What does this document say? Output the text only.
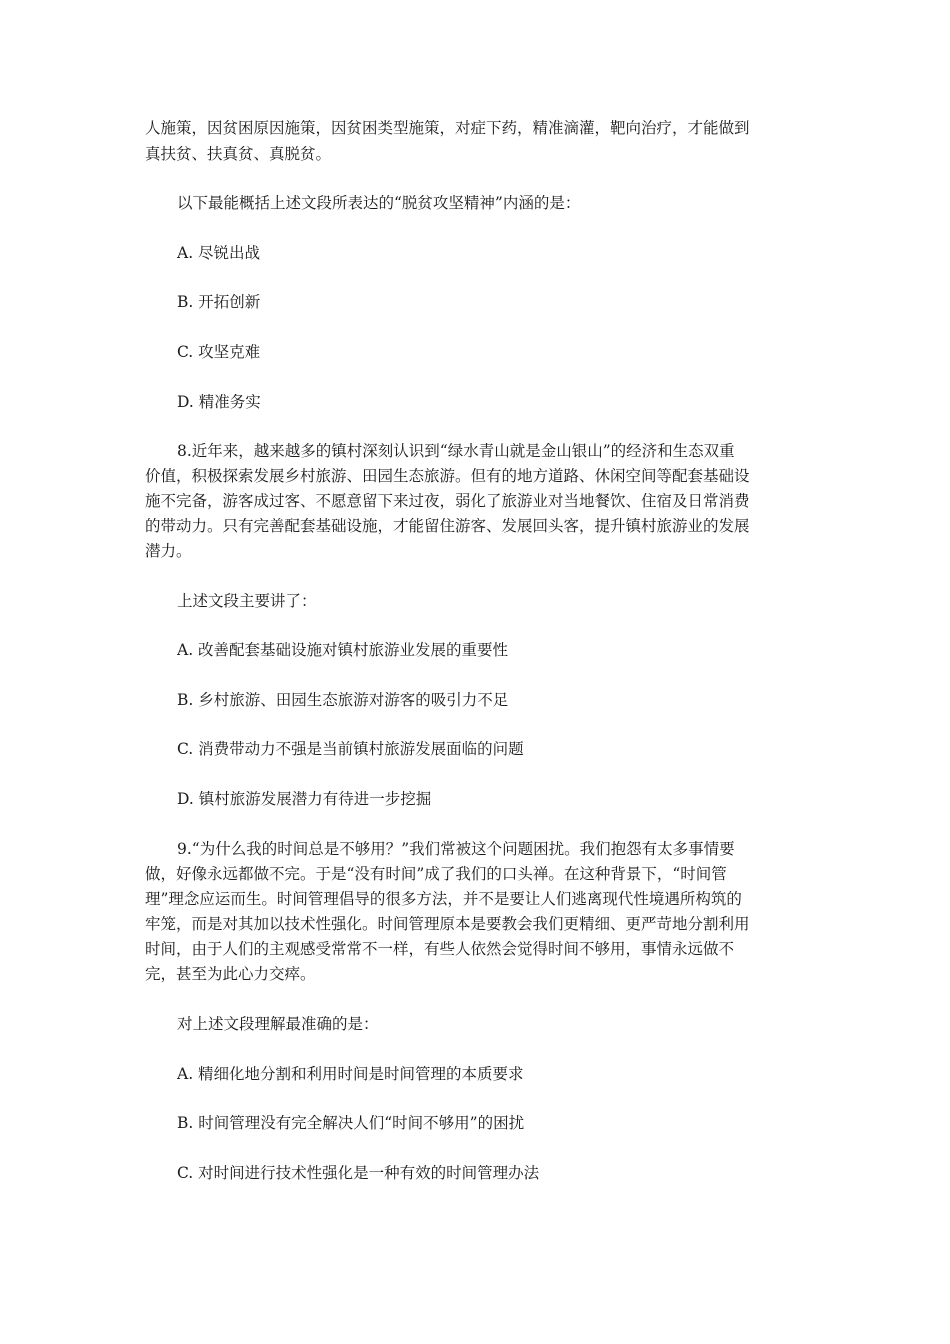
人施策，因贫困原因施策，因贫困类型施策，对症下药，精准滴灌，靶向治疗，才能做到
真扶贫、扶真贫、真脱贫。
以下最能概括上述文段所表达的“脱贫攻坚精神”内涵的是：
A. 尽锐出战
B. 开拓创新
C. 攻坚克难
D. 精准务实
8.近年来，越来越多的镇村深刻认识到“绿水青山就是金山银山”的经济和生态双重
价值，积极探索发展乡村旅游、田园生态旅游。但有的地方道路、休闲空间等配套基础设
施不完备，游客成过客、不愿意留下来过夜，弱化了旅游业对当地餐饮、住宿及日常消费
的带动力。只有完善配套基础设施，才能留住游客、发展回头客，提升镇村旅游业的发展
潜力。
上述文段主要讲了：
A. 改善配套基础设施对镇村旅游业发展的重要性
B. 乡村旅游、田园生态旅游对游客的吸引力不足
C. 消费带动力不强是当前镇村旅游发展面临的问题
D. 镇村旅游发展潜力有待进一步挖掘
9.“为什么我的时间总是不够用？”我们常被这个问题困扰。我们抱怨有太多事情要
做，好像永远都做不完。于是“没有时间”成了我们的口头禅。在这种背景下，“时间管
理”理念应运而生。时间管理倡导的很多方法，并不是要让人们逃离现代性境遇所构筑的
牢笼，而是对其加以技术性强化。时间管理原本是要教会我们更精细、更严苛地分割利用
时间，由于人们的主观感受常常不一样，有些人依然会觉得时间不够用，事情永远做不
完，甚至为此心力交瘁。
对上述文段理解最准确的是：
A. 精细化地分割和利用时间是时间管理的本质要求
B. 时间管理没有完全解决人们“时间不够用”的困扰
C. 对时间进行技术性强化是一种有效的时间管理办法
